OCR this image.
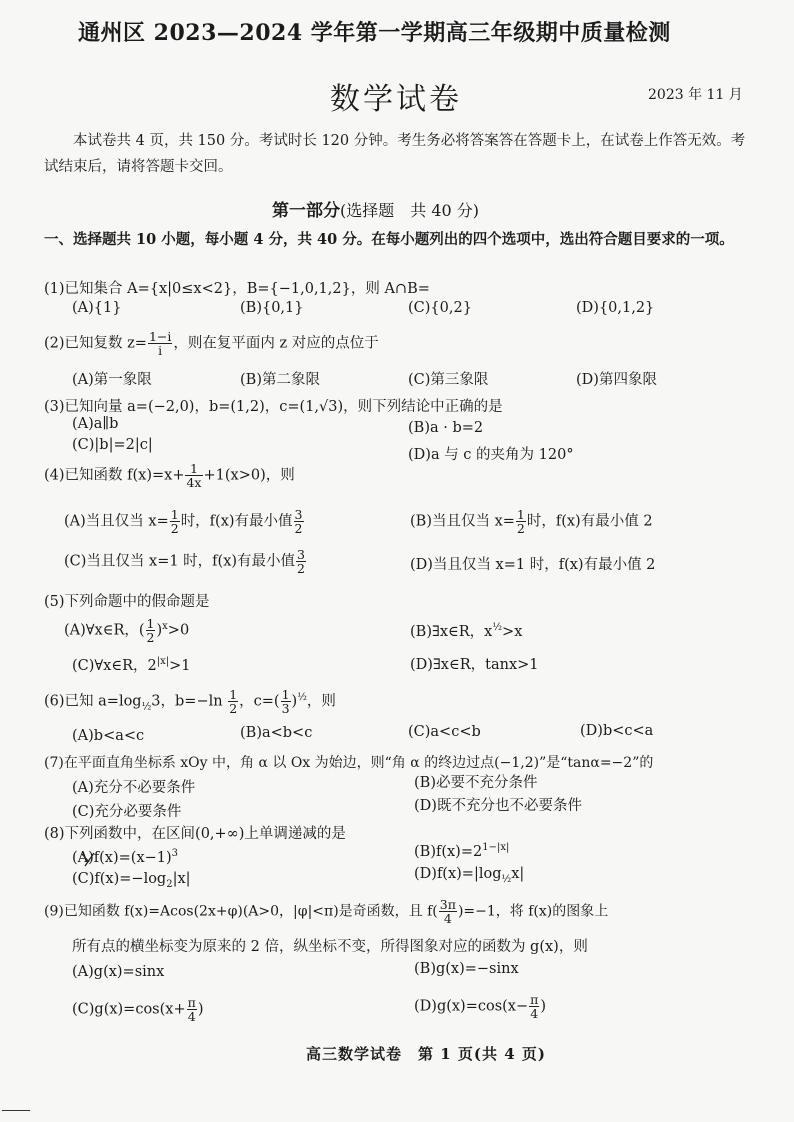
通州区 2023—2024 学年第一学期高三年级期中质量检测
数学试卷	2023 年 11 月
本试卷共 4 页，共 150 分。考试时长 120 分钟。考生务必将答案答在答题卡上，在试卷上作答无效。考试结束后，请将答题卡交回。
第一部分(选择题　共 40 分)
一、选择题共 10 小题，每小题 4 分，共 40 分。在每小题列出的四个选项中，选出符合题目要求的一项。
(1)已知集合 A={x|0≤x<2}，B={−1,0,1,2}，则 A∩B=
(A){1}	(B){0,1}	(C){0,2}	(D){0,1,2}
(2)已知复数 $z= \frac{1-i}{i}$ ，则在复平面内 z 对应的点位于
(A)第一象限	(B)第二象限	(C)第三象限	(D)第四象限
(3)已知向量 a=(−2,0)，b=(1,2)，c=(1,√3)，则下列结论中正确的是
(A)a∥b	(B)a · b=2
(C)|b|=2|c|
(D)a 与 c 的夹角为 120°
(4)已知函数 $f(x)=x+ \frac{1}{4x} +1(x>0)$，则
(A)当且仅当 $x= \frac{1}{2}$ 时，f(x)有最小值 $\frac{3}{2}$	(B)当且仅当 $x= \frac{1}{2}$ 时，f(x)有最小值 2
(C)当且仅当 x=1 时，f(x)有最小值 $\frac{3}{2}$	(D)当且仅当 x=1 时，f(x)有最小值 2
(5)下列命题中的假命题是
(A)∀x∈R，( $\frac{1}{2} )^x>0$	(B)∃x∈R，$x^{\frac{1}{2}}>x$
(C)∀x∈R，$2^{|x|}>1$	(D)∃x∈R，tanx>1
(6)已知 $a=\log_{\frac{1}{2}}3$，$b=-\ln \frac{1}{2}$ ，$c=( \frac{1}{3} )^{\frac{1}{2}}$，则
(A)b<a<c	(B)a<b<c	(C)a<c<b	(D)b<c<a
(7)在平面直角坐标系 xOy 中，角 α 以 Ox 为始边，则“角 α 的终边过点(−1,2)”是“tanα=−2”的
(A)充分不必要条件	(B)必要不充分条件
(C)充分必要条件	(D)既不充分也不必要条件
(8)下列函数中，在区间(0,+∞)上单调递减的是
$(A)f(x)=(x-1)^3$	$(B)f(x)=2^{1-|x|}$
$(C)f(x)=-\log_2|x|$	$(D)f(x)=|\log_{\frac{1}{2}}x|$
(9)已知函数 f(x)=Acos(2x+φ)(A>0，|φ|<π)是奇函数，且 $f( \frac{3\pi}{4} )=-1$，将 f(x)的图象上
所有点的横坐标变为原来的 2 倍，纵坐标不变，所得图象对应的函数为 g(x)，则
(A)g(x)=sinx	(B)g(x)=−sinx
$(C)g(x)=\cos(x+ \frac{\pi}{4}$ )	$(D)g(x)=\cos(x- \frac{\pi}{4}$ )
高三数学试卷　第 1 页(共 4 页)
